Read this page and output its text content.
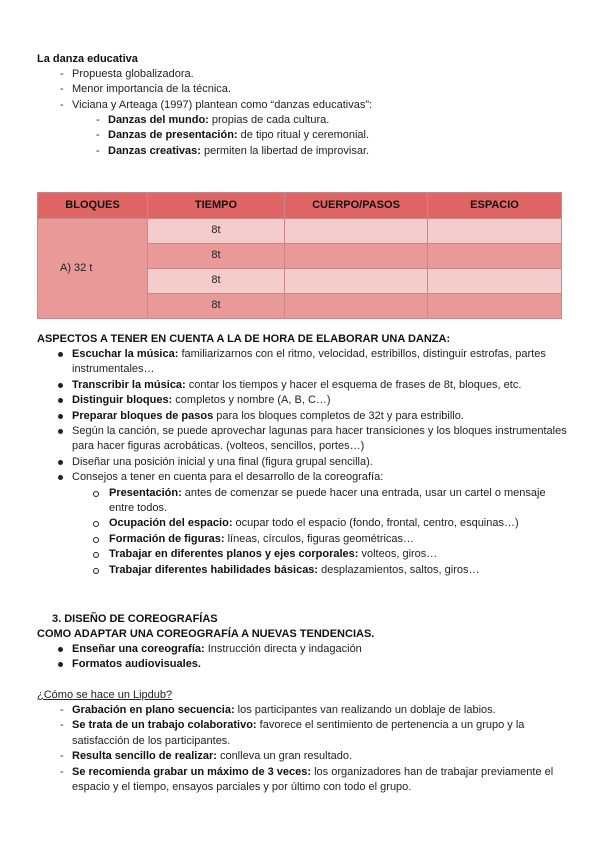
La danza educativa
- Propuesta globalizadora.
- Menor importancia de la técnica.
- Viciana y Arteaga (1997) plantean como “danzas educativas”:
- Danzas del mundo: propias de cada cultura.
- Danzas de presentación: de tipo ritual y ceremonial.
- Danzas creativas: permiten la libertad de improvisar.
BLOQUES	TIEMPO	CUERPO/PASOS	ESPACIO
A) 32 t	8t		
	8t		
	8t		
	8t		
ASPECTOS A TENER EN CUENTA A LA DE HORA DE ELABORAR UNA DANZA:
Escuchar la música: familiarizarnos con el ritmo, velocidad, estribillos, distinguir estrofas, partes instrumentales…
Transcribir la música: contar los tiempos y hacer el esquema de frases de 8t, bloques, etc.
Distinguir bloques: completos y nombre (A, B, C…)
Preparar bloques de pasos para los bloques completos de 32t y para estribillo.
Según la canción, se puede aprovechar lagunas para hacer transiciones y los bloques instrumentales para hacer figuras acrobáticas. (volteos, sencillos, portes…)
Diseñar una posición inicial y una final (figura grupal sencilla).
Consejos a tener en cuenta para el desarrollo de la coreografía:
Presentación: antes de comenzar se puede hacer una entrada, usar un cartel o mensaje entre todos.
Ocupación del espacio: ocupar todo el espacio (fondo, frontal, centro, esquinas…)
Formación de figuras: líneas, círculos, figuras geométricas…
Trabajar en diferentes planos y ejes corporales: volteos, giros…
Trabajar diferentes habilidades básicas: desplazamientos, saltos, giros…
3. DISEÑO DE COREOGRAFÍAS
COMO ADAPTAR UNA COREOGRAFÍA A NUEVAS TENDENCIAS.
Enseñar una coreografía: Instrucción directa y indagación
Formatos audiovisuales.
¿Cómo se hace un Lipdub?
- Grabación en plano secuencia: los participantes van realizando un doblaje de labios.
- Se trata de un trabajo colaborativo: favorece el sentimiento de pertenencia a un grupo y la satisfacción de los participantes.
- Resulta sencillo de realizar: conlleva un gran resultado.
- Se recomienda grabar un máximo de 3 veces: los organizadores han de trabajar previamente el espacio y el tiempo, ensayos parciales y por último con todo el grupo.
